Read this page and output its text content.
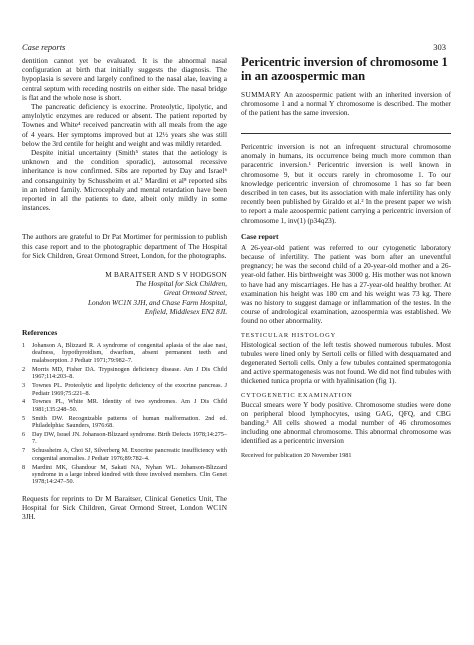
Case reports	303

dentition cannot yet be evaluated. It is the abnormal nasal configuration at birth that initially suggests the diagnosis. The hypoplasia is severe and largely confined to the nasal alae, leaving a central septum with receding nostrils on either side. The nasal bridge is flat and the whole nose is short.

The pancreatic deficiency is exocrine. Proteolytic, lipolytic, and amylolytic enzymes are reduced or absent. The patient reported by Townes and White⁴ received pancreatin with all meals from the age of 4 years. Her symptoms improved but at 12½ years she was still below the 3rd centile for height and weight and was mildly retarded.

Despite initial uncertainty (Smith⁵ states that the aetiology is unknown and the condition sporadic), autosomal recessive inheritance is now confirmed. Sibs are reported by Day and Israel⁶ and consanguinity by Schussheim et al.⁷ Mardini et al⁸ reported sibs in an inbred family. Microcephaly and mental retardation have been reported in all the patients to date, albeit only mildly in some instances.

The authors are grateful to Dr Pat Mortimer for permission to publish this case report and to the photographic department of The Hospital for Sick Children, Great Ormond Street, London, for the photographs.

M BARAITSER AND S V HODGSON
The Hospital for Sick Children,
Great Ormond Street,
London WC1N 3JH, and Chase Farm Hospital,
Enfield, Middlesex EN2 8JL
References
1	Johanson A, Blizzard R. A syndrome of congenital aplasia of the alae nasi, deafness, hypothyroidism, dwarfism, absent permanent teeth and malabsorption. J Pediatr 1971;79:982–7.
2	Morris MD, Fisher DA. Trypsinogen deficiency disease. Am J Dis Child 1967;114:203–8.
3	Townes PL. Proteolytic and lipolytic deficiency of the exocrine pancreas. J Pediatr 1969;75:221–8.
4	Townes PL, White MR. Identity of two syndromes. Am J Dis Child 1981;135:248–50.
5	Smith DW. Recognizable patterns of human malformation. 2nd ed. Philadelphia: Saunders, 1976:68.
6	Day DW, Israel JN. Johanson-Blizzard syndrome. Birth Defects 1978;14:275–7.
7	Schussheim A, Choi SJ, Silverberg M. Exocrine pancreatic insufficiency with congenital anomalies. J Pediatr 1976;89:782–4.
8	Mardini MK, Ghandour M, Sakati NA, Nyhan WL. Johanson-Blizzard syndrome in a large inbred kindred with three involved members. Clin Genet 1978;14:247–50.

Requests for reprints to Dr M Baraitser, Clinical Genetics Unit, The Hospital for Sick Children, Great Ormond Street, London WC1N 3JH.

Pericentric inversion of chromosome 1 in an azoospermic man

SUMMARY An azoospermic patient with an inherited inversion of chromosome 1 and a normal Y chromosome is described. The mother of the patient has the same inversion.

Pericentric inversion is not an infrequent structural chromosome anomaly in humans, its occurrence being much more common than paracentric inversion.¹ Pericentric inversion is well known in chromosome 9, but it occurs rarely in chromosome 1. To our knowledge pericentric inversion of chromosome 1 has so far been described in ten cases, but its association with male infertility has only recently been published by Giraldo et al.² In the present paper we wish to report a male azoospermic patient carrying a pericentric inversion of chromosome 1, inv(1) (p34q23).

Case report

A 26-year-old patient was referred to our cytogenetic laboratory because of infertility. The patient was born after an uneventful pregnancy; he was the second child of a 20-year-old mother and a 26-year-old father. His birthweight was 3000 g. His mother was not known to have had any miscarriages. He has a 27-year-old healthy brother. At examination his height was 180 cm and his weight was 73 kg. There was no history to suggest damage or inflammation of the testes. In the course of andrological examination, azoospermia was established. We found no other abnormality.

TESTICULAR HISTOLOGY

Histological section of the left testis showed numerous tubules. Most tubules were lined only by Sertoli cells or filled with desquamated and degenerated Sertoli cells. Only a few tubules contained spermatogonia and active spermatogenesis was not found. We did not find tubules with thickened tunica propria or with hyalinisation (fig 1).

CYTOGENETIC EXAMINATION

Buccal smears were Y body positive. Chromosome studies were done on peripheral blood lymphocytes, using GAG, QFQ, and CBG banding.³ All cells showed a modal number of 46 chromosomes including one abnormal chromosome. This abnormal chromosome was identified as a pericentric inversion

Received for publication 20 November 1981
